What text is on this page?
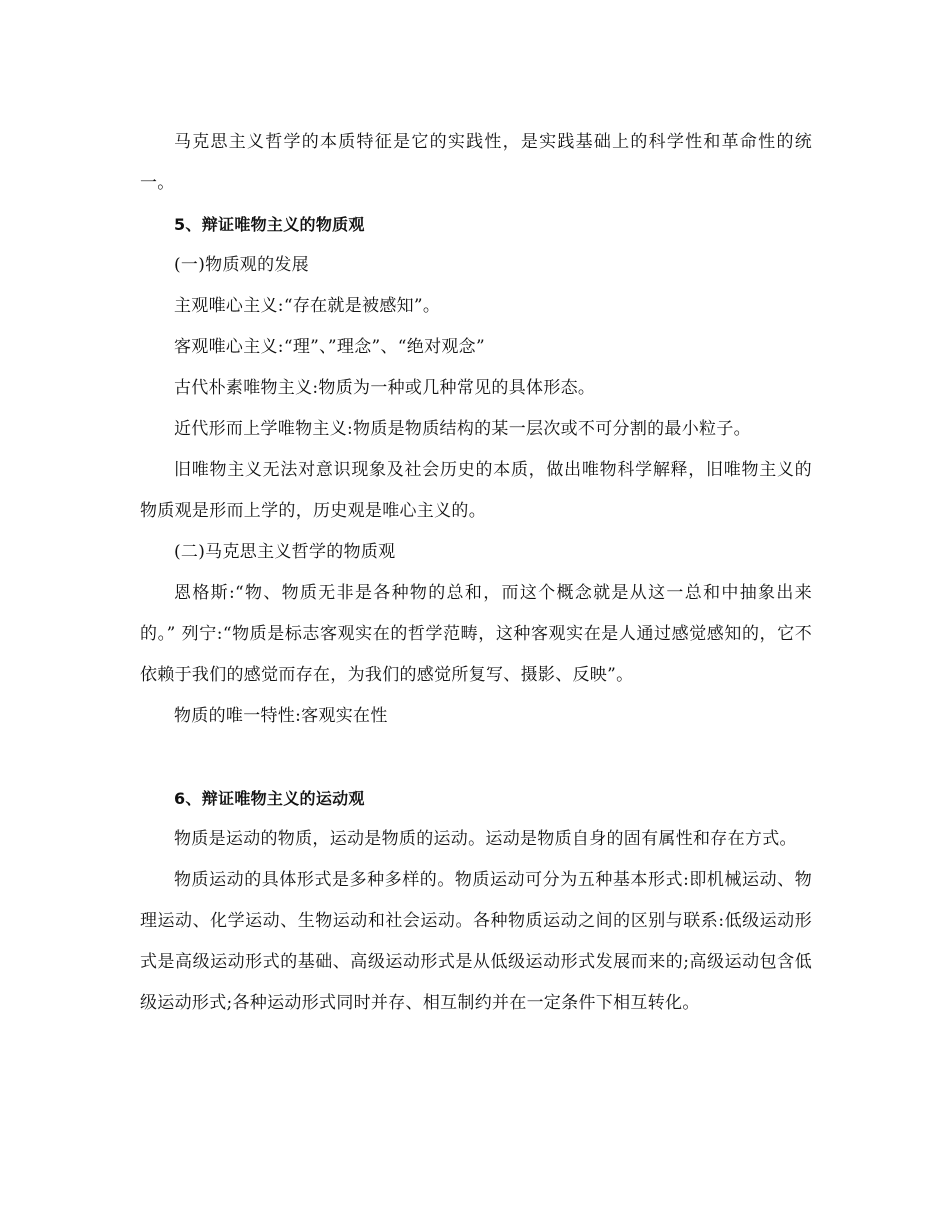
马克思主义哲学的本质特征是它的实践性，是实践基础上的科学性和革命性的统一。

5、辩证唯物主义的物质观

(一)物质观的发展

主观唯心主义:“存在就是被感知”。

客观唯心主义:“理”、”理念”、“绝对观念”

古代朴素唯物主义:物质为一种或几种常见的具体形态。

近代形而上学唯物主义:物质是物质结构的某一层次或不可分割的最小粒子。

旧唯物主义无法对意识现象及社会历史的本质，做出唯物科学解释，旧唯物主义的物质观是形而上学的，历史观是唯心主义的。

(二)马克思主义哲学的物质观

恩格斯:“物、物质无非是各种物的总和，而这个概念就是从这一总和中抽象出来的。” 列宁:“物质是标志客观实在的哲学范畴，这种客观实在是人通过感觉感知的，它不依赖于我们的感觉而存在，为我们的感觉所复写、摄影、反映”。

物质的唯一特性:客观实在性

6、辩证唯物主义的运动观

物质是运动的物质，运动是物质的运动。运动是物质自身的固有属性和存在方式。

物质运动的具体形式是多种多样的。物质运动可分为五种基本形式:即机械运动、物理运动、化学运动、生物运动和社会运动。各种物质运动之间的区别与联系:低级运动形式是高级运动形式的基础、高级运动形式是从低级运动形式发展而来的;高级运动包含低级运动形式;各种运动形式同时并存、相互制约并在一定条件下相互转化。
